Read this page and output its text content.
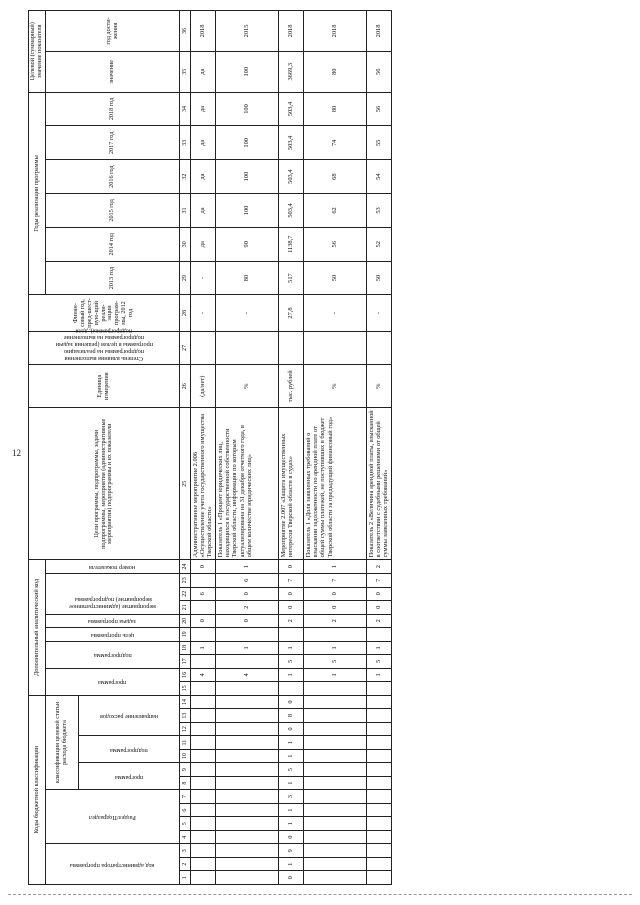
12
Коды бюджетной классификации														Дополнительный аналитический код										Цели программы, подпрограммы, задачи подпрограммы, мероприятия (административные мероприятия) подпрограммы и их показатели	Единица измерения	Степень влияния выполнения подпрограммы на реализацию программы в целом (решения задачи подпрограммы на выполнение подпрограммы), доля	Финан-совый год, пред-шест-вую-щий реали-зации програм-мы, 2012 год	Годы реализации программы						Целевой (суммарный) значение показателя	

код администратора программы			Раздел/Подраздел				классификация целевой статьи расхода бюджета							программа		подпрограмма		цель программы	задача программы	мероприятие (административное мероприятие) подпрограммы			номер показателя					2013 год	2014 год	2015 год	2016 год	2017 год	2018 год	значение	год дости-жения

							программа		подпрограмма		направление расходов																								

1	2	3	4	5	6	7	8	9	10	11	12	13	14	15	16	17	18	19	20	21	22	23	24	25	26	27	28	29	30	31	32	33	34	35	36
															4		1		0		6		0	Административное мероприятие 2.006 «Осуществление учета государственного имущества Тверской области»	(да/нет)		-	-	да	да	да	да	да	да	2018
															4		1		0	2	0	6	1	Показатель 1 «Процент юридических лиц, находящихся в государственной собственности Тверской области, информация по которым актуализирована на 31 декабря отчетного года, в общем количестве юридических лиц»	%		-	80	90	100	100	100	100	100	2015
0	1	9	0	1	1	3	1	5	1	1	0	8	0		1	5	1		2	0	0	7	0	Мероприятие 2.007 «Защита имущественных интересов Тверской области в судах»	тыс. рублей		27,8	517	1138,7	503,4	503,4	503,4	503,4	3669,3	2018
															1	5	1		2	0	0	7	1	Показатель 1 «Доля заявленных требований о взыскании задолженности по арендной плате от общей суммы платежей, не поступивших в бюджет Тверской области за предыдущий финансовый год»	%		-	50	56	62	68	74	80	80	2018
															1	5	1		2	0	0	7	2	Показатель 2 «Величина арендной платы, взысканной в соответствии с судебными решениями от общей суммы заявленных требований»	%		-	50	52	53	54	55	56	56	2018
